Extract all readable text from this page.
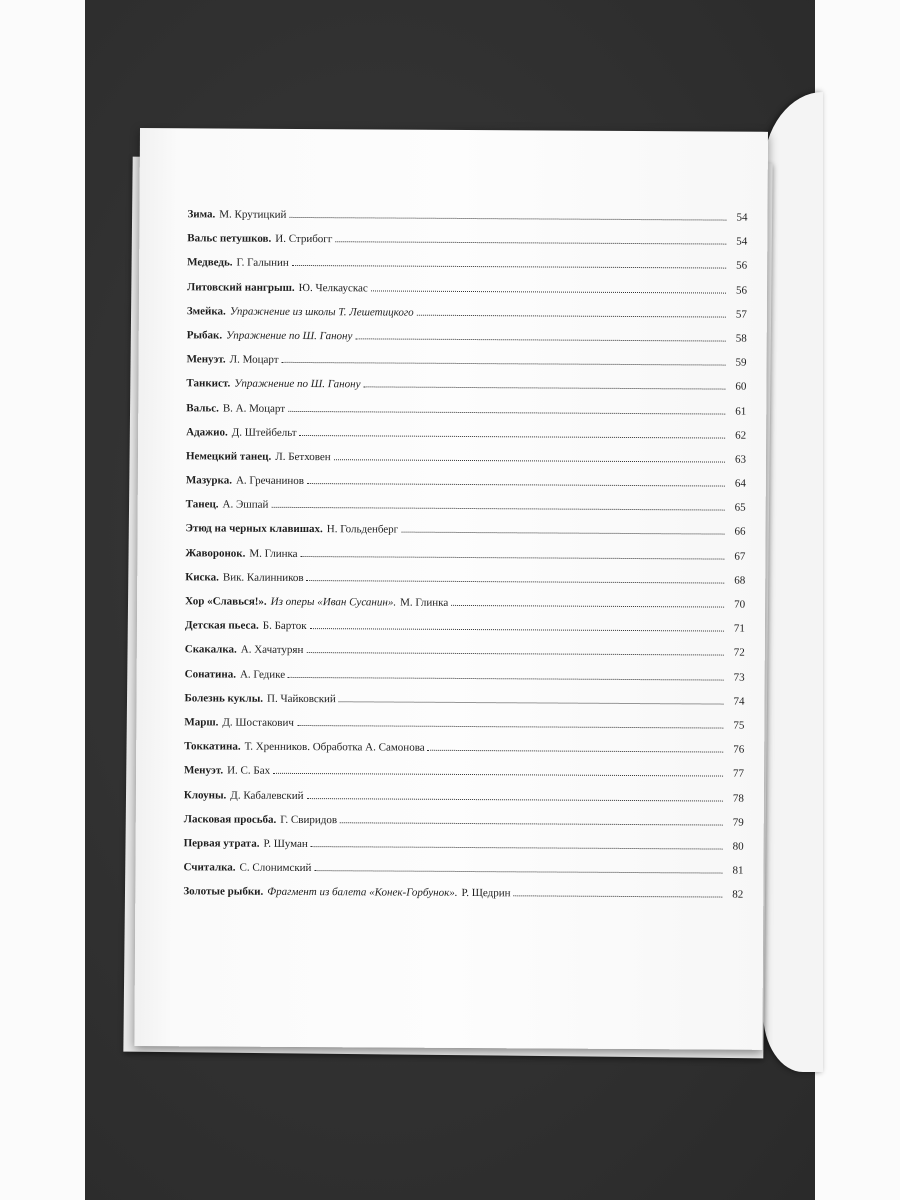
Зима. М. Крутицкий	54
Вальс петушков. И. Стрибогг	54
Медведь. Г. Галынин	56
Литовский нангрыш. Ю. Челкаускас	56
Змейка. Упражнение из школы Т. Лешетицкого	57
Рыбак. Упражнение по Ш. Ганону	58
Менуэт. Л. Моцарт	59
Танкист. Упражнение по Ш. Ганону	60
Вальс. В. А. Моцарт	61
Адажио. Д. Штейбельт	62
Немецкий танец. Л. Бетховен	63
Мазурка. А. Гречанинов	64
Танец. А. Эшпай	65
Этюд на черных клавишах. Н. Гольденберг	66
Жаворонок. М. Глинка	67
Киска. Вик. Калинников	68
Хор «Славься!». Из оперы «Иван Сусанин». М. Глинка	70
Детская пьеса. Б. Барток	71
Скакалка. А. Хачатурян	72
Сонатина. А. Гедике	73
Болезнь куклы. П. Чайковский	74
Марш. Д. Шостакович	75
Токкатина. Т. Хренников. Обработка А. Самонова	76
Менуэт. И. С. Бах	77
Клоуны. Д. Кабалевский	78
Ласковая просьба. Г. Свиридов	79
Первая утрата. Р. Шуман	80
Считалка. С. Слонимский	81
Золотые рыбки. Фрагмент из балета «Конек-Горбунок». Р. Щедрин	82
